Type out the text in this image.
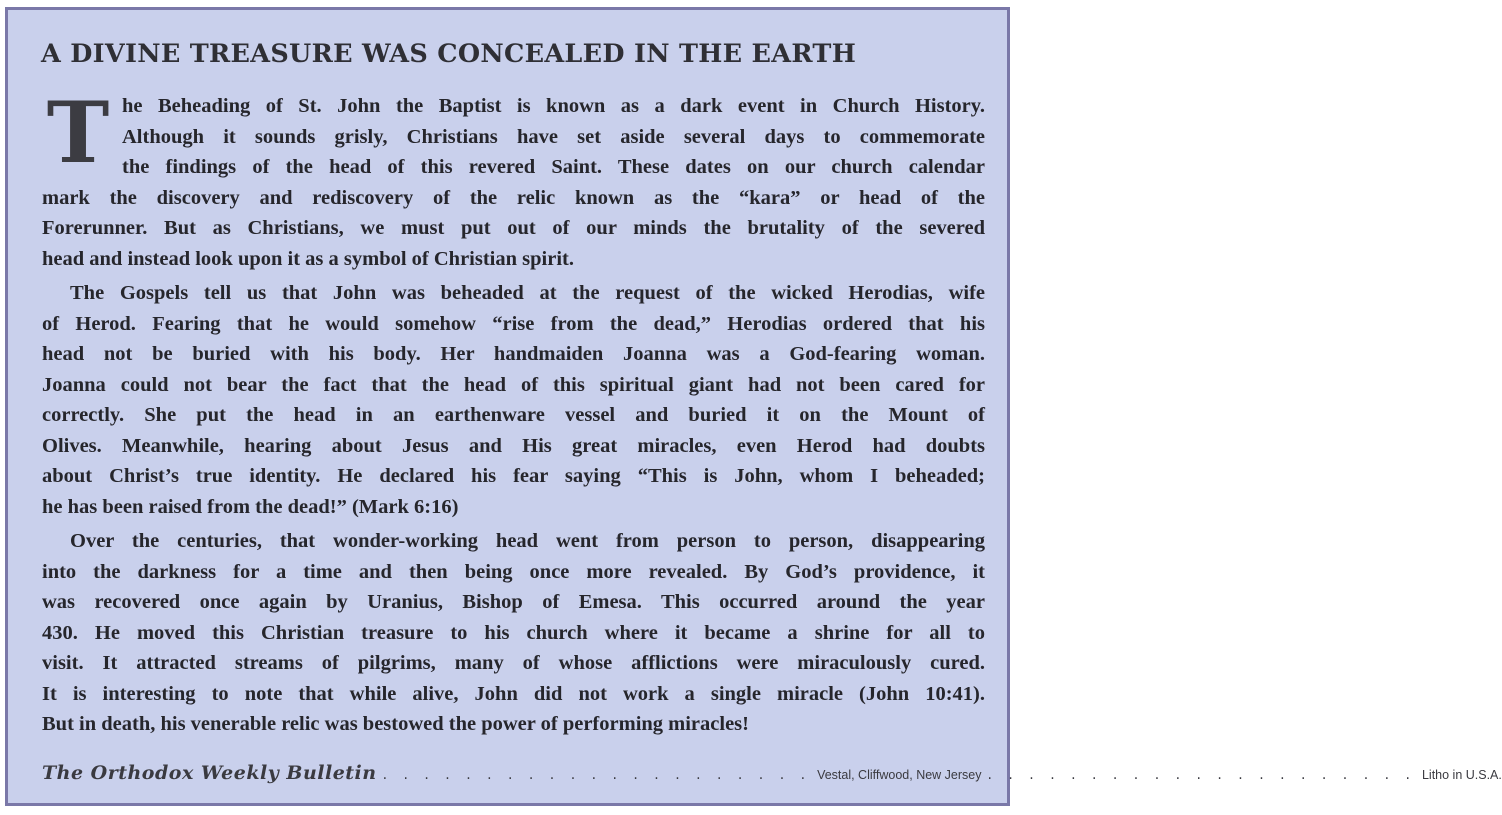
A DIVINE TREASURE WAS CONCEALED IN THE EARTH
T he Beheading of St. John the Baptist is known as a dark event in Church History.
Although it sounds grisly, Christians have set aside several days to commemorate
the findings of the head of this revered Saint. These dates on our church calendar
mark the discovery and rediscovery of the relic known as the “kara” or head of the
Forerunner. But as Christians, we must put out of our minds the brutality of the severed
head and instead look upon it as a symbol of Christian spirit.
The Gospels tell us that John was beheaded at the request of the wicked Herodias, wife
of Herod. Fearing that he would somehow “rise from the dead,” Herodias ordered that his
head not be buried with his body. Her handmaiden Joanna was a God-fearing woman.
Joanna could not bear the fact that the head of this spiritual giant had not been cared for
correctly. She put the head in an earthenware vessel and buried it on the Mount of
Olives. Meanwhile, hearing about Jesus and His great miracles, even Herod had doubts
about Christ’s true identity. He declared his fear saying “This is John, whom I beheaded;
he has been raised from the dead!” (Mark 6:16)
Over the centuries, that wonder-working head went from person to person, disappearing
into the darkness for a time and then being once more revealed. By God’s providence, it
was recovered once again by Uranius, Bishop of Emesa. This occurred around the year
430. He moved this Christian treasure to his church where it became a shrine for all to
visit. It attracted streams of pilgrims, many of whose afflictions were miraculously cured.
It is interesting to note that while alive, John did not work a single miracle (John 10:41).
But in death, his venerable relic was bestowed the power of performing miracles!
The Orthodox Weekly Bulletin . . . . . . . . . . . . . . . . . . . . . Vestal, Cliffwood, New Jersey . . . . . . . . . . . . . . . . . . . . . Litho in U.S.A.
